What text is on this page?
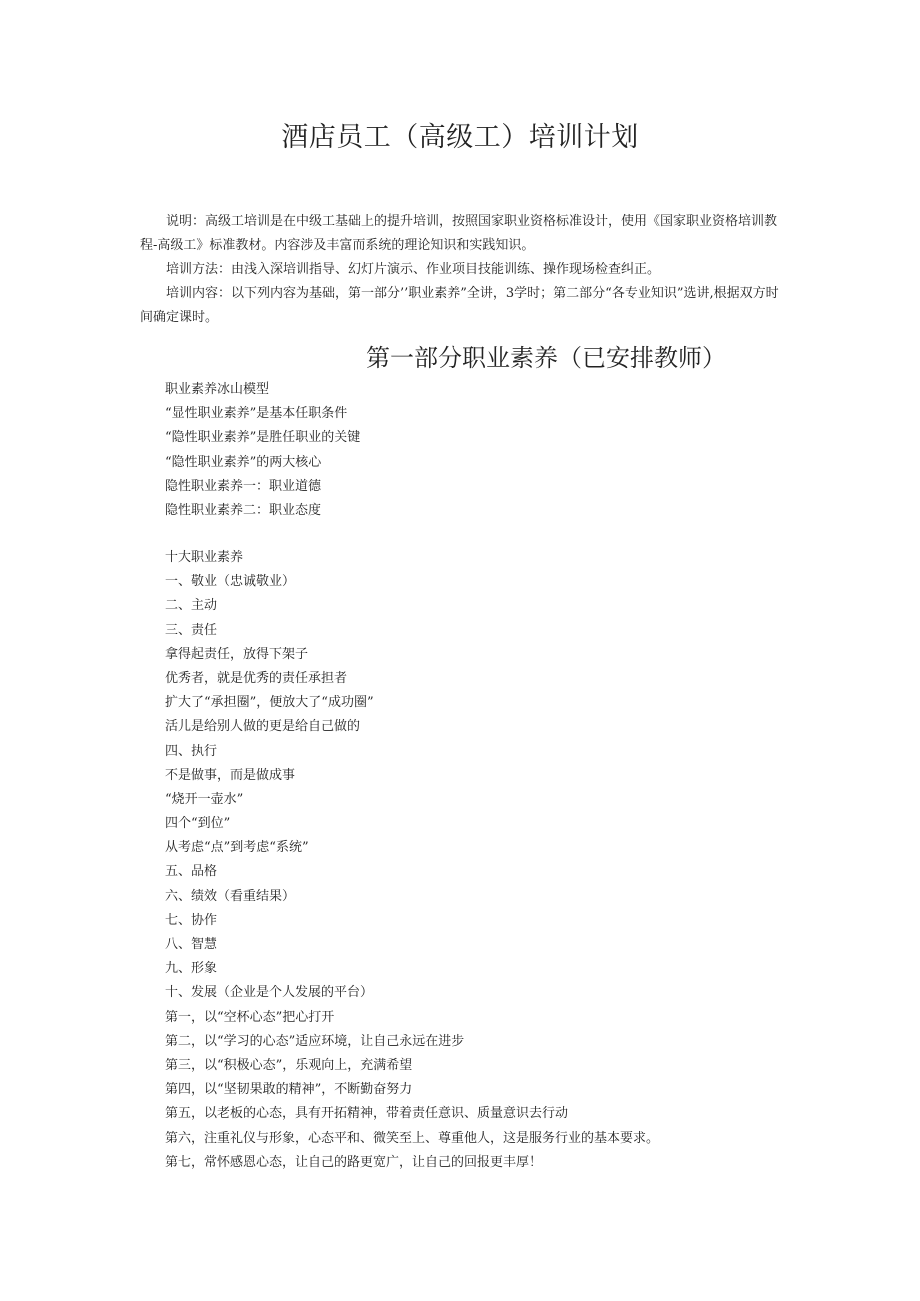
酒店员工（高级工）培训计划

说明：高级工培训是在中级工基础上的提升培训，按照国家职业资格标准设计，使用《国家职业资格培训教程-高级工》标准教材。内容涉及丰富而系统的理论知识和实践知识。

培训方法：由浅入深培训指导、幻灯片演示、作业项目技能训练、操作现场检查纠正。

培训内容：以下列内容为基础，第一部分’’职业素养”全讲，3学时；第二部分“各专业知识”选讲,根据双方时间确定课时。

第一部分职业素养（已安排教师）
职业素养冰山模型
“显性职业素养”是基本任职条件
“隐性职业素养”是胜任职业的关键
“隐性职业素养”的两大核心
隐性职业素养一：职业道德
隐性职业素养二：职业态度
十大职业素养
一、敬业（忠诚敬业）
二、主动
三、责任
拿得起责任，放得下架子
优秀者，就是优秀的责任承担者
扩大了“承担圈”，便放大了“成功圈”
活儿是给别人做的更是给自己做的
四、执行
不是做事，而是做成事
“烧开一壶水”
四个“到位”
从考虑“点”到考虑“系统”
五、品格
六、绩效（看重结果）
七、协作
八、智慧
九、形象
十、发展（企业是个人发展的平台）
第一，以“空杯心态”把心打开
第二，以“学习的心态”适应环境，让自己永远在进步
第三，以“积极心态”，乐观向上，充满希望
第四，以“坚韧果敢的精神”，不断勤奋努力
第五，以老板的心态，具有开拓精神，带着责任意识、质量意识去行动
第六，注重礼仪与形象，心态平和、微笑至上、尊重他人，这是服务行业的基本要求。
第七，常怀感恩心态，让自己的路更宽广，让自己的回报更丰厚！
